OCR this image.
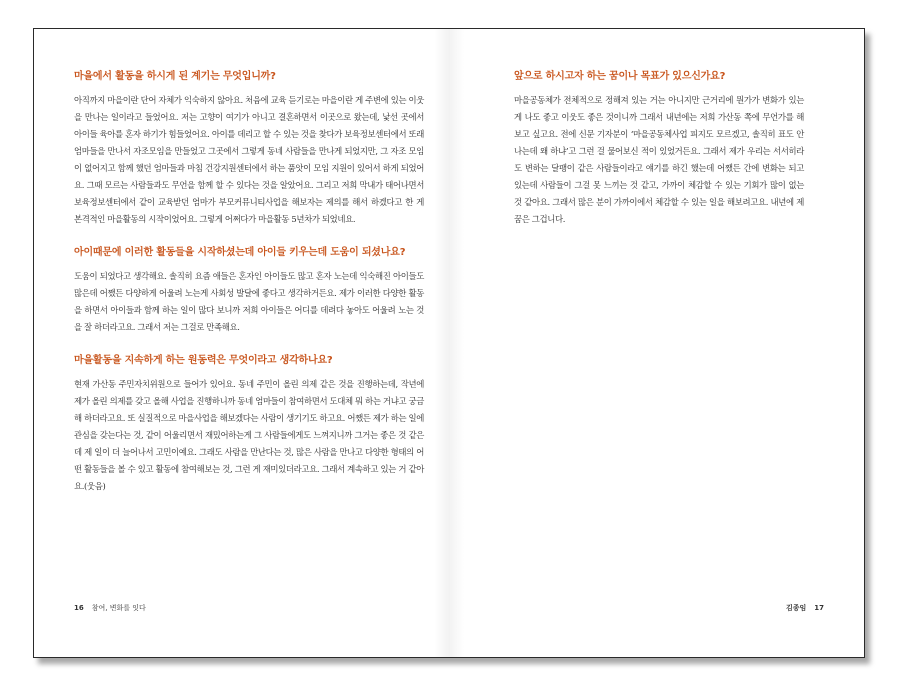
마을에서 활동을 하시게 된 계기는 무엇입니까?

아직까지 마을이란 단어 자체가 익숙하지 않아요. 처음에 교육 듣기로는 마을이란 게 주변에 있는 이웃을 만나는 일이라고 들었어요. 저는 고향이 여기가 아니고 결혼하면서 이곳으로 왔는데, 낯선 곳에서 아이들 육아를 혼자 하기가 힘들었어요. 아이를 데리고 할 수 있는 것을 찾다가 보육정보센터에서 또래 엄마들을 만나서 자조모임을 만들었고 그곳에서 그렇게 동네 사람들을 만나게 되었지만, 그 자조 모임이 없어지고 함께 했던 엄마들과 마침 건강지원센터에서 하는 품앗이 모임 지원이 있어서 하게 되었어요. 그때 모르는 사람들과도 무언을 함께 할 수 있다는 것을 알았어요. 그리고 저희 막내가 태어나면서 보육정보센터에서 같이 교육받던 엄마가 부모커뮤니티사업을 해보자는 제의를 해서 하겠다고 한 게 본격적인 마을활동의 시작이었어요. 그렇게 어쩌다가 마을활동 5년차가 되었네요.

아이때문에 이러한 활동들을 시작하셨는데 아이들 키우는데 도움이 되셨나요?

도움이 되었다고 생각해요. 솔직히 요즘 애들은 혼자인 아이들도 많고 혼자 노는데 익숙해진 아이들도 많은데 어쨌든 다양하게 어울려 노는게 사회성 발달에 좋다고 생각하거든요. 제가 이러한 다양한 활동을 하면서 아이들과 함께 하는 일이 많다 보니까 저희 아이들은 어디를 데려다 놓아도 어울려 노는 것을 잘 하더라고요. 그래서 저는 그걸로 만족해요.

마을활동을 지속하게 하는 원동력은 무엇이라고 생각하나요?

현재 가산동 주민자치위원으로 들어가 있어요. 동네 주민이 올린 의제 같은 것을 진행하는데, 작년에 제가 올린 의제를 갖고 올해 사업을 진행하니까 동네 엄마들이 참여하면서 도대체 뭐 하는 거냐고 궁금해 하더라고요. 또 실질적으로 마을사업을 해보겠다는 사람이 생기기도 하고요. 어쨌든 제가 하는 일에 관심을 갖는다는 것, 같이 어울리면서 재밌어하는게 그 사람들에게도 느껴지니까 그거는 좋은 것 같은데 제 일이 더 늘어나서 고민이예요. 그래도 사람을 만난다는 것, 많은 사람을 만나고 다양한 형태의 어떤 활동들을 볼 수 있고 활동에 참여해보는 것, 그런 게 재미있더라고요. 그래서 계속하고 있는 거 같아요.(웃음)

16 참여, 변화를 잇다
앞으로 하시고자 하는 꿈이나 목표가 있으신가요?

마을공동체가 전체적으로 정해져 있는 거는 아니지만 근거리에 뭔가가 변화가 있는 게 나도 좋고 이웃도 좋은 것이니까 그래서 내년에는 저희 가산동 쪽에 무언가를 해보고 싶고요. 전에 신문 기자분이 ‘마을공동체사업 피지도 모르겠고, 솔직히 표도 안 나는데 왜 하냐’고 그런 걸 물어보신 적이 있었거든요. 그래서 제가 우리는 서서히라도 변하는 달팽이 같은 사람들이라고 얘기를 하긴 했는데 어쨌든 간에 변화는 되고 있는데 사람들이 그걸 못 느끼는 것 같고, 가까이 체감할 수 있는 기회가 많이 없는 것 같아요. 그래서 많은 분이 가까이에서 체감할 수 있는 일을 해보려고요. 내년에 제 꿈은 그겁니다.

김종임 17
